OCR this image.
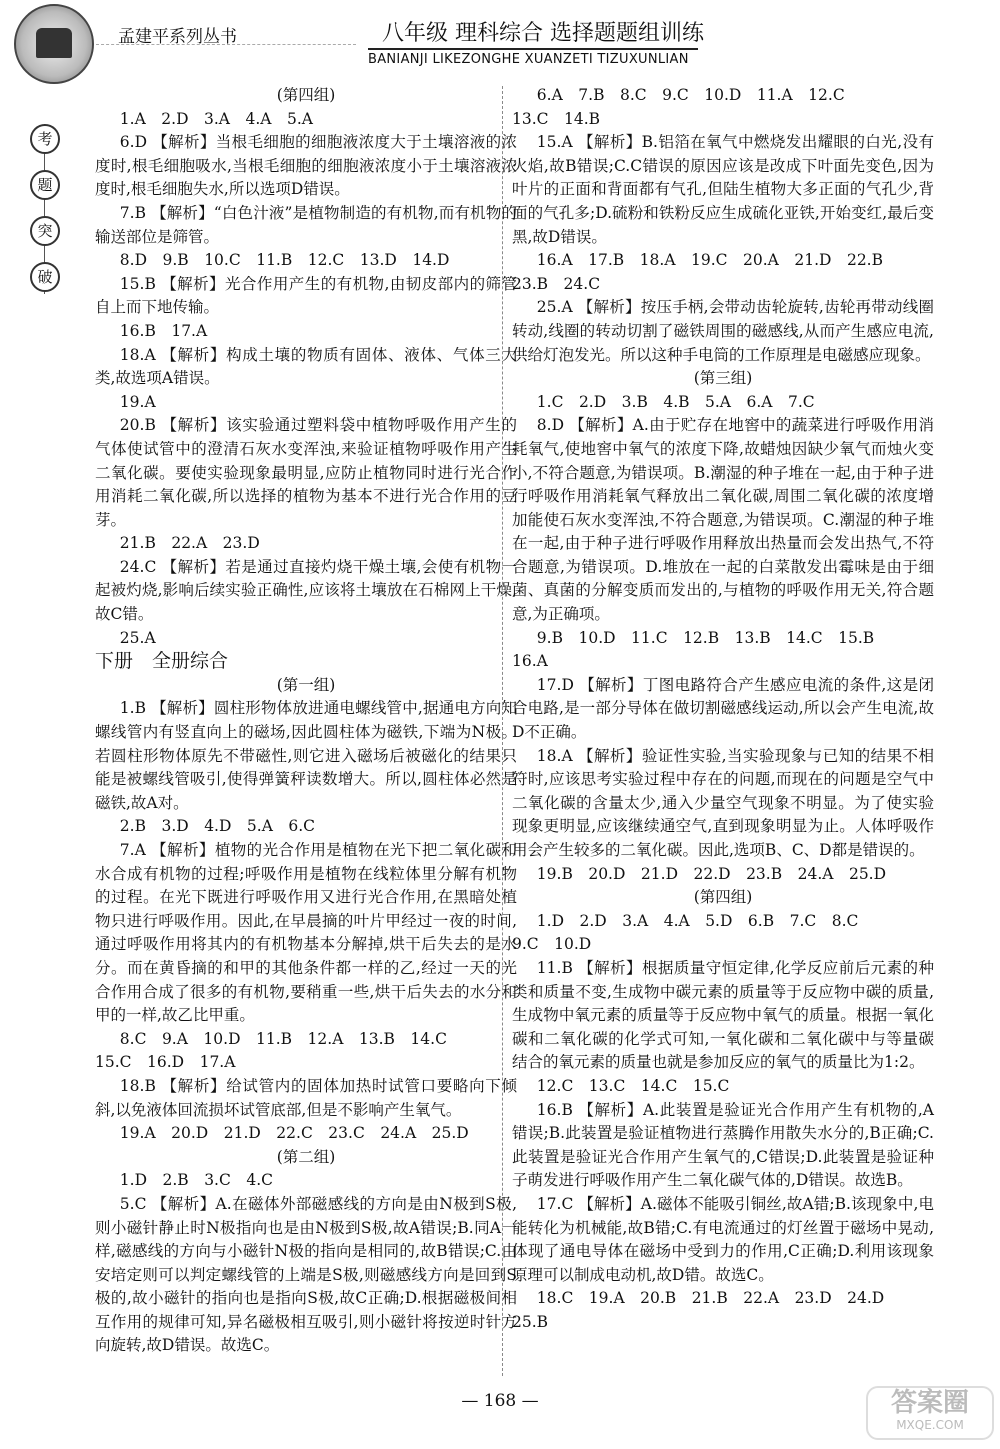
孟建平系列丛书	八年级 理科综合 选择题题组训练
BANIANJI LIKEZONGHE XUANZETI TIZUXUNLIAN
考
题
突
破

(第四组)

1.A　2.D　3.A　4.A　5.A

6.D 【解析】当根毛细胞的细胞液浓度大于土壤溶液的浓度时,根毛细胞吸水,当根毛细胞的细胞液浓度小于土壤溶液浓度时,根毛细胞失水,所以选项D错误。

7.B 【解析】“白色汁液”是植物制造的有机物,而有机物的输送部位是筛管。

8.D　9.B　10.C　11.B　12.C　13.D　14.D

15.B 【解析】光合作用产生的有机物,由韧皮部内的筛管自上而下地传输。

16.B　17.A

18.A 【解析】构成土壤的物质有固体、液体、气体三大类,故选项A错误。

19.A

20.B 【解析】该实验通过塑料袋中植物呼吸作用产生的气体使试管中的澄清石灰水变浑浊,来验证植物呼吸作用产生二氧化碳。要使实验现象最明显,应防止植物同时进行光合作用消耗二氧化碳,所以选择的植物为基本不进行光合作用的豆芽。

21.B　22.A　23.D

24.C 【解析】若是通过直接灼烧干燥土壤,会使有机物一起被灼烧,影响后续实验正确性,应该将土壤放在石棉网上干燥,故C错。

25.A

下册　全册综合

(第一组)

1.B 【解析】圆柱形物体放进通电螺线管中,据通电方向知螺线管内有竖直向上的磁场,因此圆柱体为磁铁,下端为N极。若圆柱形物体原先不带磁性,则它进入磁场后被磁化的结果只能是被螺线管吸引,使得弹簧秤读数增大。所以,圆柱体必然是磁铁,故A对。

2.B　3.D　4.D　5.A　6.C

7.A 【解析】植物的光合作用是植物在光下把二氧化碳和水合成有机物的过程;呼吸作用是植物在线粒体里分解有机物的过程。在光下既进行呼吸作用又进行光合作用,在黑暗处植物只进行呼吸作用。因此,在早晨摘的叶片甲经过一夜的时间,通过呼吸作用将其内的有机物基本分解掉,烘干后失去的是水分。而在黄昏摘的和甲的其他条件都一样的乙,经过一天的光合作用合成了很多的有机物,要稍重一些,烘干后失去的水分和甲的一样,故乙比甲重。

8.C　9.A　10.D　11.B　12.A　13.B　14.C

15.C　16.D　17.A

18.B 【解析】给试管内的固体加热时试管口要略向下倾斜,以免液体回流损坏试管底部,但是不影响产生氧气。

19.A　20.D　21.D　22.C　23.C　24.A　25.D

(第二组)

1.D　2.B　3.C　4.C

5.C 【解析】A.在磁体外部磁感线的方向是由N极到S极,则小磁针静止时N极指向也是由N极到S极,故A错误;B.同A一样,磁感线的方向与小磁针N极的指向是相同的,故B错误;C.由安培定则可以判定螺线管的上端是S极,则磁感线方向是回到S极的,故小磁针的指向也是指向S极,故C正确;D.根据磁极间相互作用的规律可知,异名磁极相互吸引,则小磁针将按逆时针方向旋转,故D错误。故选C。

6.A　7.B　8.C　9.C　10.D　11.A　12.C

13.C　14.B

15.A 【解析】B.铝箔在氧气中燃烧发出耀眼的白光,没有火焰,故B错误;C.C错误的原因应该是改成下叶面先变色,因为叶片的正面和背面都有气孔,但陆生植物大多正面的气孔少,背面的气孔多;D.硫粉和铁粉反应生成硫化亚铁,开始变红,最后变黑,故D错误。

16.A　17.B　18.A　19.C　20.A　21.D　22.B

23.B　24.C

25.A 【解析】按压手柄,会带动齿轮旋转,齿轮再带动线圈转动,线圈的转动切割了磁铁周围的磁感线,从而产生感应电流,供给灯泡发光。所以这种手电筒的工作原理是电磁感应现象。

(第三组)

1.C　2.D　3.B　4.B　5.A　6.A　7.C

8.D 【解析】A.由于贮存在地窖中的蔬菜进行呼吸作用消耗氧气,使地窖中氧气的浓度下降,故蜡烛因缺少氧气而烛火变小,不符合题意,为错误项。B.潮湿的种子堆在一起,由于种子进行呼吸作用消耗氧气释放出二氧化碳,周围二氧化碳的浓度增加能使石灰水变浑浊,不符合题意,为错误项。C.潮湿的种子堆在一起,由于种子进行呼吸作用释放出热量而会发出热气,不符合题意,为错误项。D.堆放在一起的白菜散发出霉味是由于细菌、真菌的分解变质而发出的,与植物的呼吸作用无关,符合题意,为正确项。

9.B　10.D　11.C　12.B　13.B　14.C　15.B

16.A

17.D 【解析】丁图电路符合产生感应电流的条件,这是闭合电路,是一部分导体在做切割磁感线运动,所以会产生电流,故D不正确。

18.A 【解析】验证性实验,当实验现象与已知的结果不相符时,应该思考实验过程中存在的问题,而现在的问题是空气中二氧化碳的含量太少,通入少量空气现象不明显。为了使实验现象更明显,应该继续通空气,直到现象明显为止。人体呼吸作用会产生较多的二氧化碳。因此,选项B、C、D都是错误的。

19.B　20.D　21.D　22.D　23.B　24.A　25.D

(第四组)

1.D　2.D　3.A　4.A　5.D　6.B　7.C　8.C

9.C　10.D

11.B 【解析】根据质量守恒定律,化学反应前后元素的种类和质量不变,生成物中碳元素的质量等于反应物中碳的质量,生成物中氧元素的质量等于反应物中氧气的质量。根据一氧化碳和二氧化碳的化学式可知,一氧化碳和二氧化碳中与等量碳结合的氧元素的质量也就是参加反应的氧气的质量比为1:2。

12.C　13.C　14.C　15.C

16.B 【解析】A.此装置是验证光合作用产生有机物的,A错误;B.此装置是验证植物进行蒸腾作用散失水分的,B正确;C.此装置是验证光合作用产生氧气的,C错误;D.此装置是验证种子萌发进行呼吸作用产生二氧化碳气体的,D错误。故选B。

17.C 【解析】A.磁体不能吸引铜丝,故A错;B.该现象中,电能转化为机械能,故B错;C.有电流通过的灯丝置于磁场中晃动,体现了通电导体在磁场中受到力的作用,C正确;D.利用该现象原理可以制成电动机,故D错。故选C。

18.C　19.A　20.B　21.B　22.A　23.D　24.D

25.B

— 168 —	答案圈
MXQE.COM
